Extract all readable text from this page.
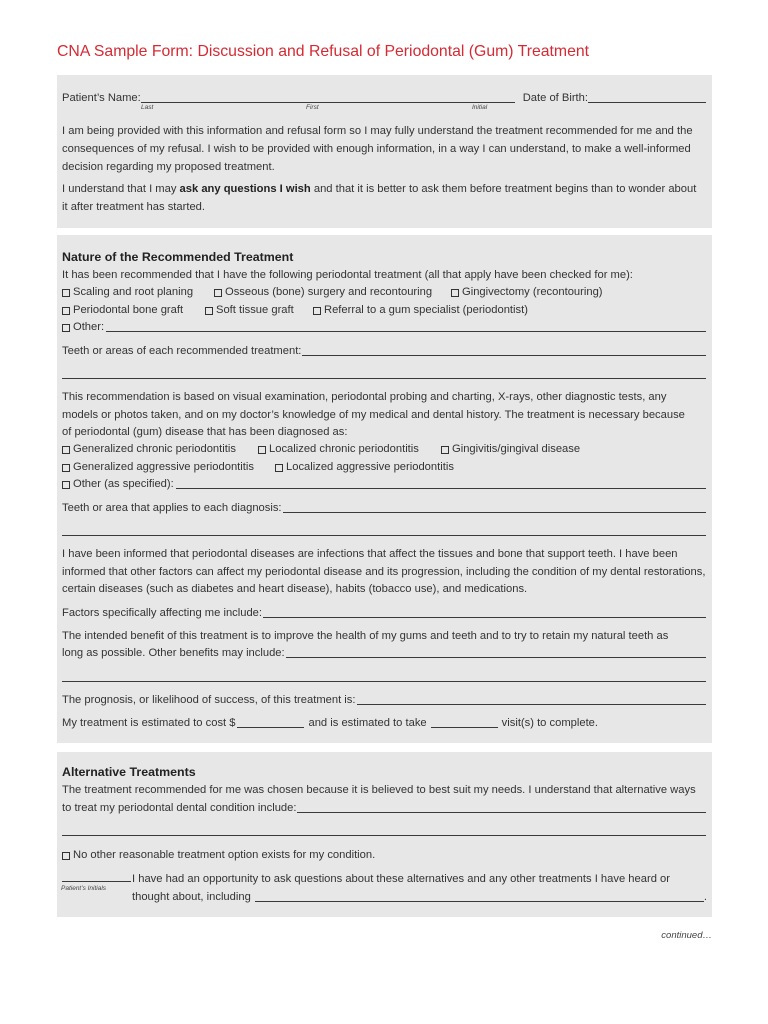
CNA Sample Form: Discussion and Refusal of Periodontal (Gum) Treatment
Patient’s Name:	Date of Birth:
Last	First	Initial
I am being provided with this information and refusal form so I may fully understand the treatment recommended for me and the
consequences of my refusal. I wish to be provided with enough information, in a way I can understand, to make a well-informed
decision regarding my proposed treatment.
I understand that I may ask any questions I wish and that it is better to ask them before treatment begins than to wonder about
it after treatment has started.
Nature of the Recommended Treatment
It has been recommended that I have the following periodontal treatment (all that apply have been checked for me):
Scaling and root planing	Osseous (bone) surgery and recontouring	Gingivectomy (recontouring)
Periodontal bone graft	Soft tissue graft	Referral to a gum specialist (periodontist)
Other:
Teeth or areas of each recommended treatment:
This recommendation is based on visual examination, periodontal probing and charting, X-rays, other diagnostic tests, any
models or photos taken, and on my doctor’s knowledge of my medical and dental history. The treatment is necessary because
of periodontal (gum) disease that has been diagnosed as:
Generalized chronic periodontitis	Localized chronic periodontitis	Gingivitis/gingival disease
Generalized aggressive periodontitis	Localized aggressive periodontitis
Other (as specified):
Teeth or area that applies to each diagnosis:
I have been informed that periodontal diseases are infections that affect the tissues and bone that support teeth. I have been
informed that other factors can affect my periodontal disease and its progression, including the condition of my dental restorations,
certain diseases (such as diabetes and heart disease), habits (tobacco use), and medications.
Factors specifically affecting me include:
The intended benefit of this treatment is to improve the health of my gums and teeth and to try to retain my natural teeth as
long as possible. Other benefits may include:
The prognosis, or likelihood of success, of this treatment is:
My treatment is estimated to cost $	and is estimated to take	visit(s) to complete.
Alternative Treatments
The treatment recommended for me was chosen because it is believed to best suit my needs. I understand that alternative ways
to treat my periodontal dental condition include:
No other reasonable treatment option exists for my condition.
Patient’s Initials
I have had an opportunity to ask questions about these alternatives and any other treatments I have heard or
thought about, including	.
continued…
